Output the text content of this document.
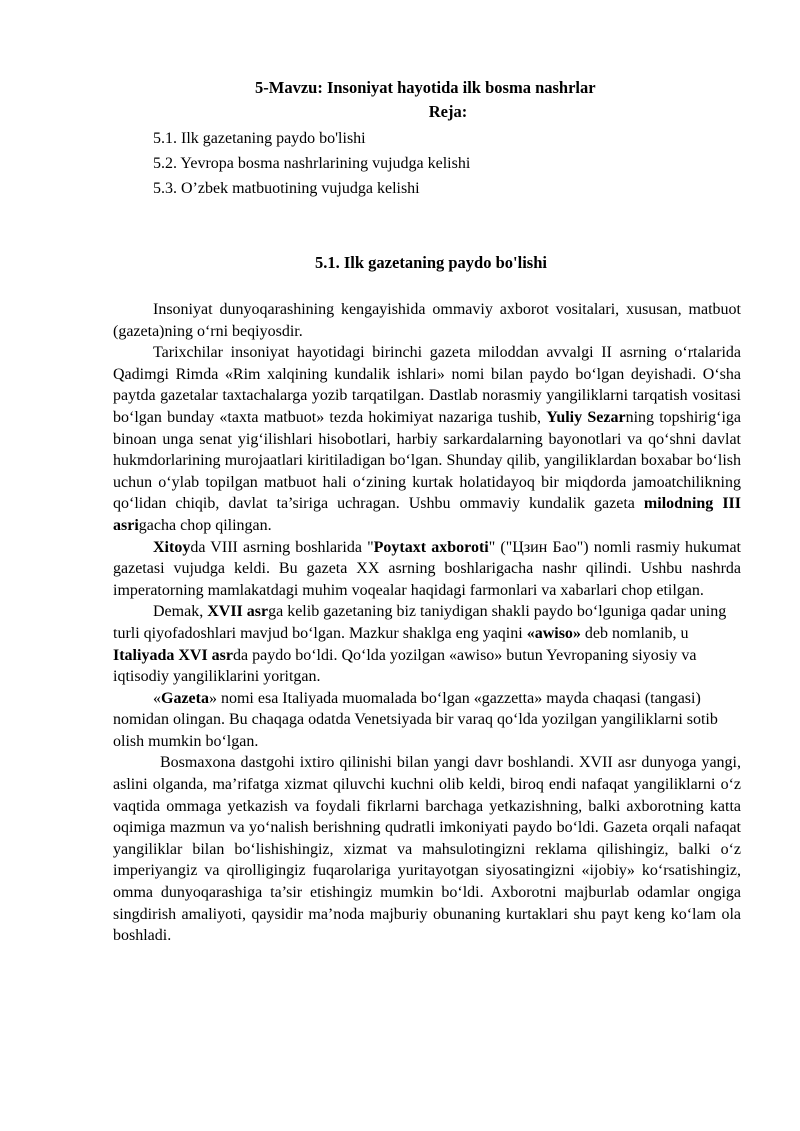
5-Mavzu: Insoniyat hayotida ilk bosma nashrlar
Reja:
5.1. Ilk gazetaning paydo bo'lishi
5.2. Yevropa bosma nashrlarining vujudga kelishi
5.3. O’zbek matbuotining vujudga kelishi
5.1. Ilk gazetaning paydo bo'lishi

Insoniyat dunyoqarashining kengayishida ommaviy axborot vositalari, xususan, matbuot (gazeta)ning o‘rni beqiyosdir.

Tarixchilar insoniyat hayotidagi birinchi gazeta miloddan avvalgi II asrning o‘rtalarida Qadimgi Rimda «Rim xalqining kundalik ishlari» nomi bilan paydo bo‘lgan deyishadi. O‘sha paytda gazetalar taxtachalarga yozib tarqatilgan. Dastlab norasmiy yangiliklarni tarqatish vositasi bo‘lgan bunday «taxta matbuot» tezda hokimiyat nazariga tushib, Yuliy Sezarning topshirig‘iga binoan unga senat yig‘ilishlari hisobotlari, harbiy sarkardalarning bayonotlari va qo‘shni davlat hukmdorlarining murojaatlari kiritiladigan bo‘lgan. Shunday qilib, yangiliklardan boxabar bo‘lish uchun o‘ylab topilgan matbuot hali o‘zining kurtak holatidayoq bir miqdorda jamoatchilikning qo‘lidan chiqib, davlat ta’siriga uchragan. Ushbu ommaviy kundalik gazeta milodning III asrigacha chop qilingan.

Xitoyda VIII asrning boshlarida "Poytaxt axboroti" ("Цзин Бао") nomli rasmiy hukumat gazetasi vujudga keldi. Bu gazeta XX asrning boshlarigacha nashr qilindi. Ushbu nashrda imperatorning mamlakatdagi muhim voqealar haqidagi farmonlari va xabarlari chop etilgan.

Demak, XVII asrga kelib gazetaning biz taniydigan shakli paydo bo‘lguniga qadar uning turli qiyofadoshlari mavjud bo‘lgan. Mazkur shaklga eng yaqini «awiso» deb nomlanib, u Italiyada XVI asrda paydo bo‘ldi. Qo‘lda yozilgan «awiso» butun Yevropaning siyosiy va iqtisodiy yangiliklarini yoritgan.

«Gazeta» nomi esa Italiyada muomalada bo‘lgan «gazzetta» mayda chaqasi (tangasi) nomidan olingan. Bu chaqaga odatda Venetsiyada bir varaq qo‘lda yozilgan yangiliklarni sotib olish mumkin bo‘lgan.

Bosmaxona dastgohi ixtiro qilinishi bilan yangi davr boshlandi. XVII asr dunyoga yangi, aslini olganda, ma’rifatga xizmat qiluvchi kuchni olib keldi, biroq endi nafaqat yangiliklarni o‘z vaqtida ommaga yetkazish va foydali fikrlarni barchaga yetkazishning, balki axborotning katta oqimiga mazmun va yo‘nalish berishning qudratli imkoniyati paydo bo‘ldi. Gazeta orqali nafaqat yangiliklar bilan bo‘lishishingiz, xizmat va mahsulotingizni reklama qilishingiz, balki o‘z imperiyangiz va qirolligingiz fuqarolariga yuritayotgan siyosatingizni «ijobiy» ko‘rsatishingiz, omma dunyoqarashiga ta’sir etishingiz mumkin bo‘ldi. Axborotni majburlab odamlar ongiga singdirish amaliyoti, qaysidir ma’noda majburiy obunaning kurtaklari shu payt keng ko‘lam ola boshladi.
